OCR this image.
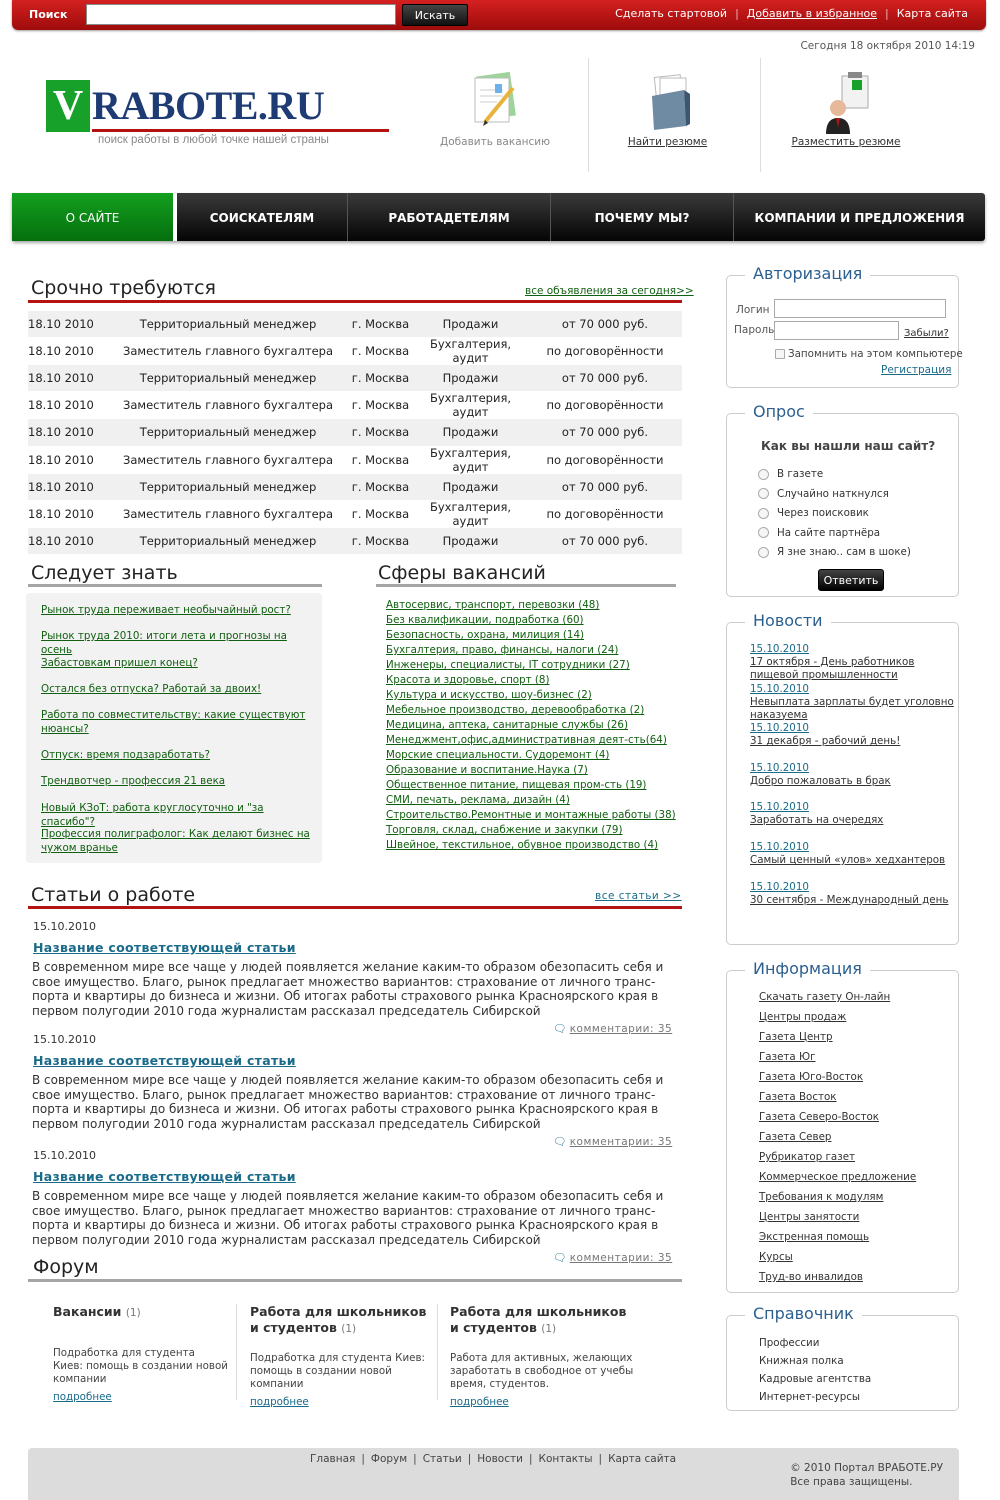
Поиск	Искать	Сделать стартовой | Добавить в избранное | Карта сайта
Сегодня 18 октября 2010 14:19
V RABOTE.RU
поиск работы в любой точке нашей страны	Добавить вакансию	Найти резюме	Разместить резюме
О САЙТЕ	СОИСКАТЕЛЯМ	РАБОТАДЕТЕЛЯМ	ПОЧЕМУ МЫ?	КОМПАНИИ И ПРЕДЛОЖЕНИЯ
Срочно требуются	все объявления за сегодня>>
18.10 2010	Территориальный менеджер	г. Москва	Продажи	от 70 000 руб.
18.10 2010	Заместитель главного бухгалтера	г. Москва	Бухгалтерия, аудит	по договорённости
18.10 2010	Территориальный менеджер	г. Москва	Продажи	от 70 000 руб.
18.10 2010	Заместитель главного бухгалтера	г. Москва	Бухгалтерия, аудит	по договорённости
18.10 2010	Территориальный менеджер	г. Москва	Продажи	от 70 000 руб.
18.10 2010	Заместитель главного бухгалтера	г. Москва	Бухгалтерия, аудит	по договорённости
18.10 2010	Территориальный менеджер	г. Москва	Продажи	от 70 000 руб.
18.10 2010	Заместитель главного бухгалтера	г. Москва	Бухгалтерия, аудит	по договорённости
18.10 2010	Территориальный менеджер	г. Москва	Продажи	от 70 000 руб.
Следует знать
Рынок труда переживает необычайный рост?
Рынок труда 2010: итоги лета и прогнозы на осень
Забастовкам пришел конец?
Остался без отпуска? Работай за двоих!
Работа по совместительству: какие существуют нюансы?
Отпуск: время подзаработать?
Трендвотчер - профессия 21 века
Новый КЗоТ: работа круглосуточно и "за спасибо"?
Профессия полиграфолог: Как делают бизнес на чужом вранье
Сферы вакансий
Автосервис, транспорт, перевозки (48)
Без квалификации, подработка (60)
Безопасность, охрана, милиция (14)
Бухгалтерия, право, финансы, налоги (24)
Инженеры, специалисты, IT сотрудники (27)
Красота и здоровье, спорт (8)
Культура и искусство, шоу-бизнес (2)
Мебельное производство, деревообработка (2)
Медицина, аптека, санитарные службы (26)
Менеджмент,офис,административная деят-сть(64)
Морские специальности. Судоремонт (4)
Образование и воспитание.Наука (7)
Общественное питание, пищевая пром-сть (19)
СМИ, печать, реклама, дизайн (4)
Строительство.Ремонтные и монтажные работы (38)
Торговля, склад, снабжение и закупки (79)
Швейное, текстильное, обувное производство (4)
Статьи о работе	все статьи >>
15.10.2010
Название соответствующей статьи
В современном мире все чаще у людей появляется желание каким-то образом обезопасить себя и свое имущество. Благо, рынок предлагает множество вариантов: страхование от личного транс-порта и квартиры до бизнеса и жизни. Об итогах работы страхового рынка Красноярского края в первом полугодии 2010 года журналистам рассказал председатель Сибирской
🗨 комментарии: 35
15.10.2010
Название соответствующей статьи
В современном мире все чаще у людей появляется желание каким-то образом обезопасить себя и свое имущество. Благо, рынок предлагает множество вариантов: страхование от личного транс-порта и квартиры до бизнеса и жизни. Об итогах работы страхового рынка Красноярского края в первом полугодии 2010 года журналистам рассказал председатель Сибирской
🗨 комментарии: 35
15.10.2010
Название соответствующей статьи
В современном мире все чаще у людей появляется желание каким-то образом обезопасить себя и свое имущество. Благо, рынок предлагает множество вариантов: страхование от личного транс-порта и квартиры до бизнеса и жизни. Об итогах работы страхового рынка Красноярского края в первом полугодии 2010 года журналистам рассказал председатель Сибирской
🗨 комментарии: 35
Форум
Вакансии (1)
Подработка для студента Киев: помощь в создании новой компании
подробнее
Работа для школьников и студентов (1)
Подработка для студента Киев: помощь в создании новой компании
подробнее
Работа для школьников и студентов (1)
Работа для активных, желающих заработать в свободное от учебы время, студентов.
подробнее
Авторизация
Логин
Пароль	Забыли?
Запомнить на этом компьютере
Регистрация
Опрос
Как вы нашли наш сайт?
В газете
Случайно наткнулся
Через поисковик
На сайте партнёра
Я зне знаю.. сам в шоке)
Ответить
Новости
15.10.2010
17 октября - День работников пищевой промышленности
15.10.2010
Невыплата зарплаты будет уголовно наказуема
15.10.2010
31 декабря - рабочий день!
15.10.2010
Добро пожаловать в брак
15.10.2010
Заработать на очередях
15.10.2010
Самый ценный «улов» хедхантеров
15.10.2010
30 сентября - Международный день
Информация
Скачать газету Он-лайн
Центры продаж
Газета Центр
Газета Юг
Газета Юго-Восток
Газета Восток
Газета Северо-Восток
Газета Север
Рубрикатор газет
Коммерческое предложение
Требования к модулям
Центры занятости
Экстренная помощь
Курсы
Труд-во инвалидов
Справочник
Профессии
Книжная полка
Кадровые агентства
Интернет-ресурсы
Главная | Форум | Статьи | Новости | Контакты | Карта сайта
© 2010 Портал ВРАБОТЕ.РУ
Все права защищены.
